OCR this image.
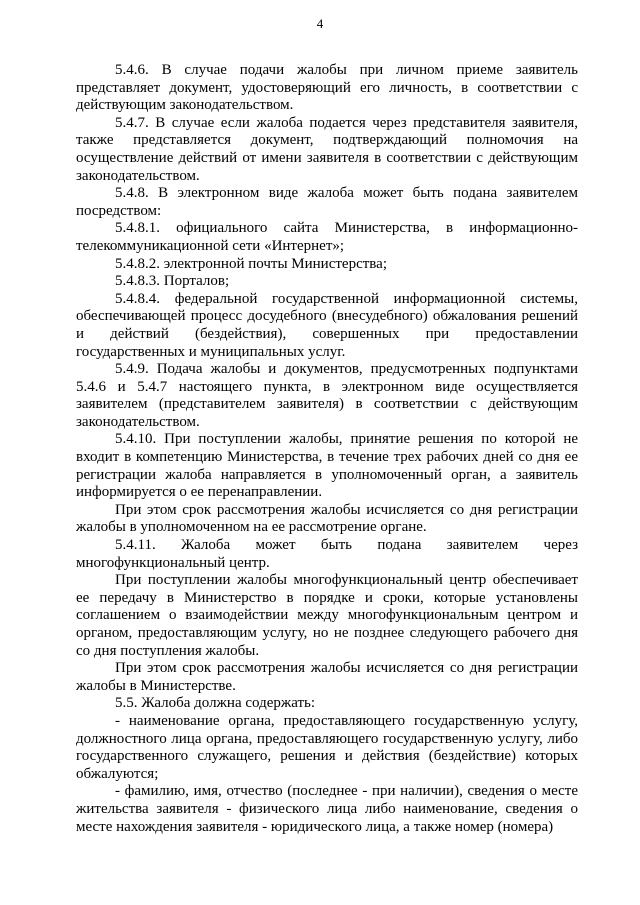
4

5.4.6. В случае подачи жалобы при личном приеме заявитель представляет документ, удостоверяющий его личность, в соответствии с действующим законодательством.

5.4.7. В случае если жалоба подается через представителя заявителя, также представляется документ, подтверждающий полномочия на осуществление действий от имени заявителя в соответствии с действующим законодательством.

5.4.8. В электронном виде жалоба может быть подана заявителем посредством:

5.4.8.1. официального сайта Министерства, в информационно-телекоммуникационной сети «Интернет»;

5.4.8.2. электронной почты Министерства;

5.4.8.3. Порталов;

5.4.8.4. федеральной государственной информационной системы, обеспечивающей процесс досудебного (внесудебного) обжалования решений и действий (бездействия), совершенных при предоставлении государственных и муниципальных услуг.

5.4.9. Подача жалобы и документов, предусмотренных подпунктами 5.4.6 и 5.4.7 настоящего пункта, в электронном виде осуществляется заявителем (представителем заявителя) в соответствии с действующим законодательством.

5.4.10. При поступлении жалобы, принятие решения по которой не входит в компетенцию Министерства, в течение трех рабочих дней со дня ее регистрации жалоба направляется в уполномоченный орган, а заявитель информируется о ее перенаправлении.

При этом срок рассмотрения жалобы исчисляется со дня регистрации жалобы в уполномоченном на ее рассмотрение органе.

5.4.11. Жалоба может быть подана заявителем через многофункциональный центр.

При поступлении жалобы многофункциональный центр обеспечивает ее передачу в Министерство в порядке и сроки, которые установлены соглашением о взаимодействии между многофункциональным центром и органом, предоставляющим услугу, но не позднее следующего рабочего дня со дня поступления жалобы.

При этом срок рассмотрения жалобы исчисляется со дня регистрации жалобы в Министерстве.

5.5. Жалоба должна содержать:

- наименование органа, предоставляющего государственную услугу, должностного лица органа, предоставляющего государственную услугу, либо государственного служащего, решения и действия (бездействие) которых обжалуются;

- фамилию, имя, отчество (последнее - при наличии), сведения о месте жительства заявителя - физического лица либо наименование, сведения о месте нахождения заявителя - юридического лица, а также номер (номера)
